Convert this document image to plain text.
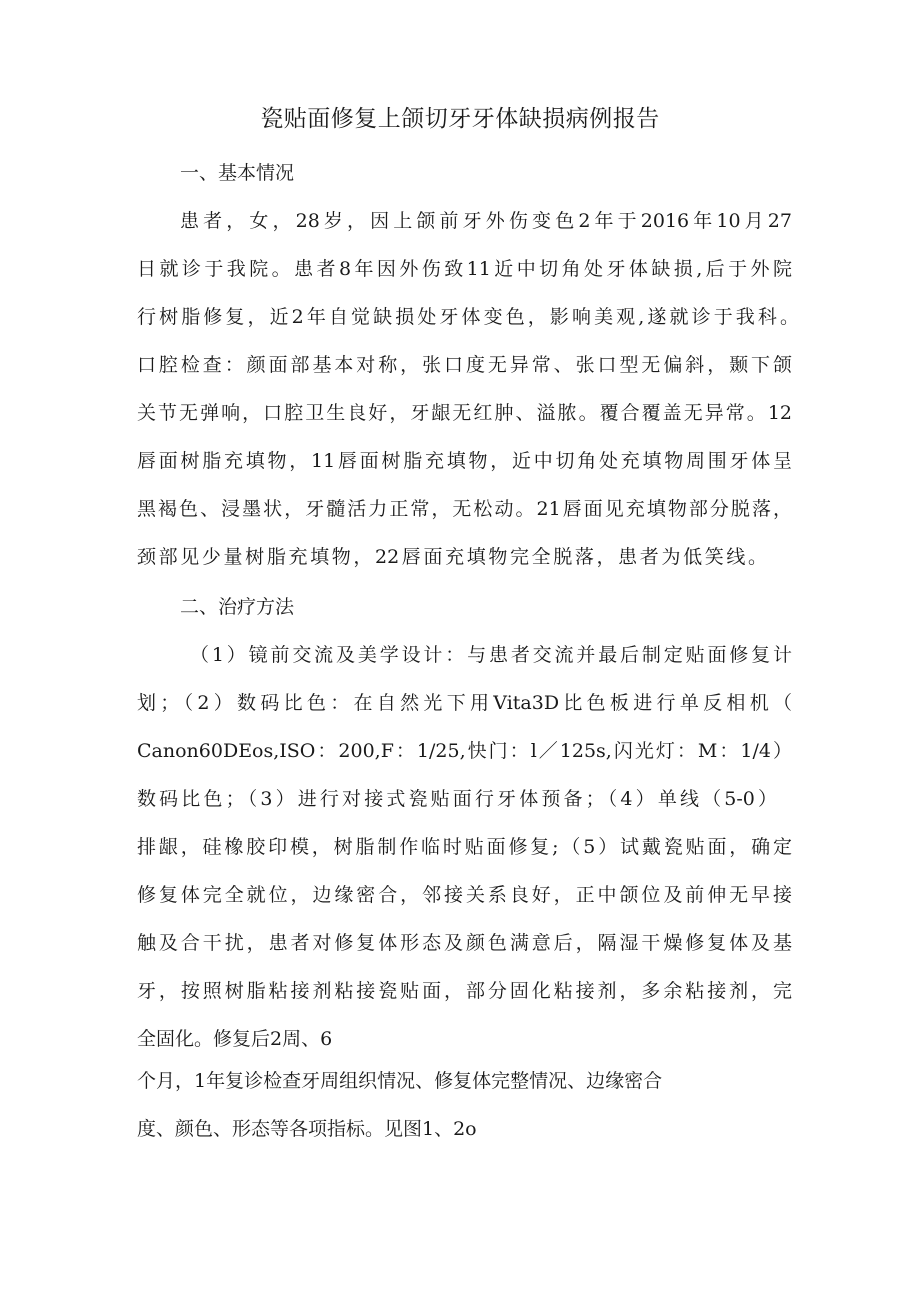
瓷贴面修复上颌切牙牙体缺损病例报告

一、基本情况

患者，女，28岁，因上颌前牙外伤变色2年于2016年10月27

日就诊于我院。患者8年因外伤致11近中切角处牙体缺损,后于外院

行树脂修复，近2年自觉缺损处牙体变色，影响美观,遂就诊于我科。

口腔检查：颜面部基本对称，张口度无异常、张口型无偏斜，颞下颌

关节无弹响，口腔卫生良好，牙龈无红肿、溢脓。覆合覆盖无异常。12

唇面树脂充填物，11唇面树脂充填物，近中切角处充填物周围牙体呈

黑褐色、浸墨状，牙髓活力正常，无松动。21唇面见充填物部分脱落，

颈部见少量树脂充填物，22唇面充填物完全脱落，患者为低笑线。

二、治疗方法

（1）镜前交流及美学设计：与患者交流并最后制定贴面修复计

划；（2）数码比色：在自然光下用Vita3D比色板进行单反相机（

Canon60DEos,ISO：200,F：1/25,快门：l／125s,闪光灯：M：1/4）

数码比色；（3）进行对接式瓷贴面行牙体预备；（4）单线（5-0）

排龈，硅橡胶印模，树脂制作临时贴面修复;（5）试戴瓷贴面，确定

修复体完全就位，边缘密合，邻接关系良好，正中颌位及前伸无早接

触及合干扰，患者对修复体形态及颜色满意后，隔湿干燥修复体及基

牙，按照树脂粘接剂粘接瓷贴面，部分固化粘接剂，多余粘接剂，完

全固化。修复后2周、6

个月，1年复诊检查牙周组织情况、修复体完整情况、边缘密合

度、颜色、形态等各项指标。见图1、2o
